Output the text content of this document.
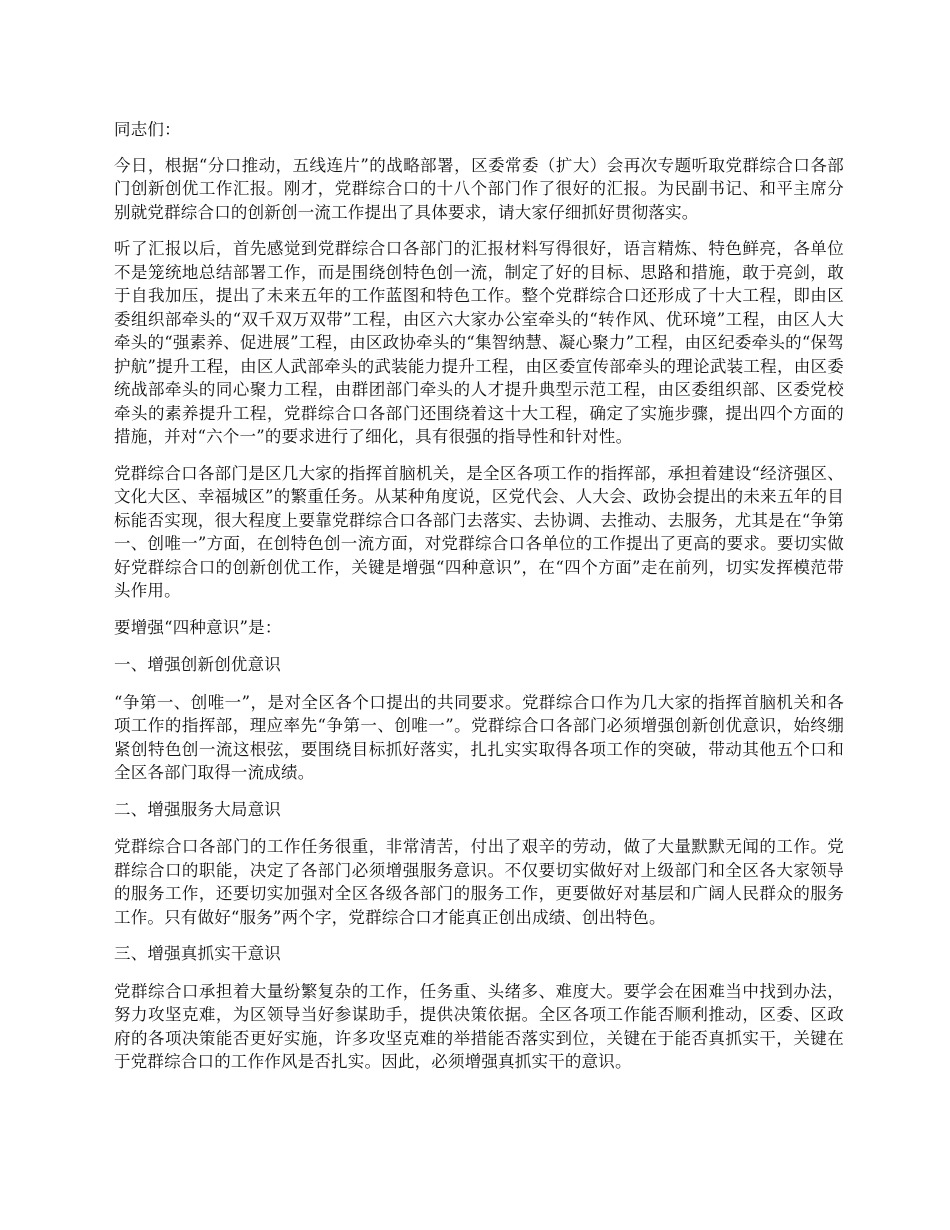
同志们：

今日，根据“分口推动，五线连片”的战略部署，区委常委（扩大）会再次专题听取党群综合口各部门创新创优工作汇报。刚才，党群综合口的十八个部门作了很好的汇报。为民副书记、和平主席分别就党群综合口的创新创一流工作提出了具体要求，请大家仔细抓好贯彻落实。

听了汇报以后，首先感觉到党群综合口各部门的汇报材料写得很好，语言精炼、特色鲜亮，各单位不是笼统地总结部署工作，而是围绕创特色创一流，制定了好的目标、思路和措施，敢于亮剑，敢于自我加压，提出了未来五年的工作蓝图和特色工作。整个党群综合口还形成了十大工程，即由区委组织部牵头的“双千双万双带”工程，由区六大家办公室牵头的“转作风、优环境”工程，由区人大牵头的“强素养、促进展”工程，由区政协牵头的“集智纳慧、凝心聚力”工程，由区纪委牵头的“保驾护航”提升工程，由区人武部牵头的武装能力提升工程，由区委宣传部牵头的理论武装工程，由区委统战部牵头的同心聚力工程，由群团部门牵头的人才提升典型示范工程，由区委组织部、区委党校牵头的素养提升工程，党群综合口各部门还围绕着这十大工程，确定了实施步骤，提出四个方面的措施，并对“六个一”的要求进行了细化，具有很强的指导性和针对性。

党群综合口各部门是区几大家的指挥首脑机关，是全区各项工作的指挥部，承担着建设“经济强区、文化大区、幸福城区”的繁重任务。从某种角度说，区党代会、人大会、政协会提出的未来五年的目标能否实现，很大程度上要靠党群综合口各部门去落实、去协调、去推动、去服务，尤其是在“争第一、创唯一”方面，在创特色创一流方面，对党群综合口各单位的工作提出了更高的要求。要切实做好党群综合口的创新创优工作，关键是增强“四种意识”，在“四个方面”走在前列，切实发挥模范带头作用。

要增强“四种意识”是：

一、增强创新创优意识

“争第一、创唯一”，是对全区各个口提出的共同要求。党群综合口作为几大家的指挥首脑机关和各项工作的指挥部，理应率先“争第一、创唯一”。党群综合口各部门必须增强创新创优意识，始终绷紧创特色创一流这根弦，要围绕目标抓好落实，扎扎实实取得各项工作的突破，带动其他五个口和全区各部门取得一流成绩。

二、增强服务大局意识

党群综合口各部门的工作任务很重，非常清苦，付出了艰辛的劳动，做了大量默默无闻的工作。党群综合口的职能，决定了各部门必须增强服务意识。不仅要切实做好对上级部门和全区各大家领导的服务工作，还要切实加强对全区各级各部门的服务工作，更要做好对基层和广阔人民群众的服务工作。只有做好“服务”两个字，党群综合口才能真正创出成绩、创出特色。

三、增强真抓实干意识

党群综合口承担着大量纷繁复杂的工作，任务重、头绪多、难度大。要学会在困难当中找到办法，努力攻坚克难，为区领导当好参谋助手，提供决策依据。全区各项工作能否顺利推动，区委、区政府的各项决策能否更好实施，许多攻坚克难的举措能否落实到位，关键在于能否真抓实干，关键在于党群综合口的工作作风是否扎实。因此，必须增强真抓实干的意识。
